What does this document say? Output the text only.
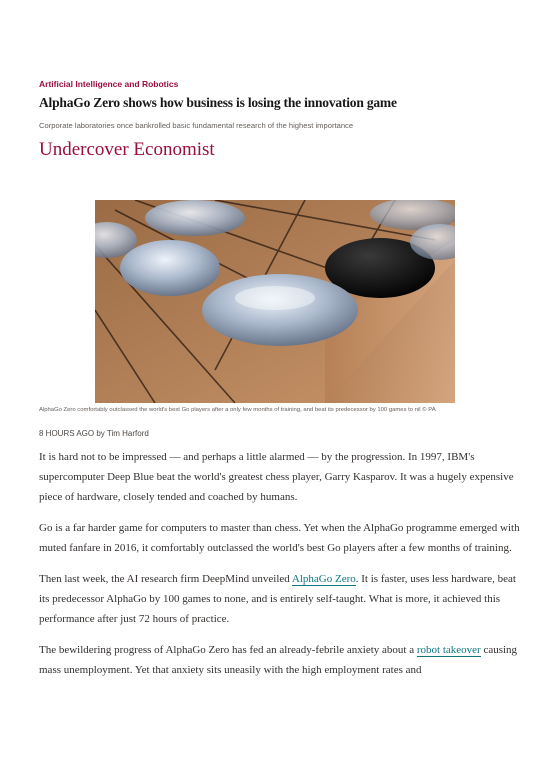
Artificial Intelligence and Robotics
AlphaGo Zero shows how business is losing the innovation game
Corporate laboratories once bankrolled basic fundamental research of the highest importance
Undercover Economist
AlphaGo Zero comfortably outclassed the world's best Go players after a only few months of training, and beat its predecessor by 100 games to nil © PA
8 HOURS AGO by Tim Harford

It is hard not to be impressed — and perhaps a little alarmed — by the progression. In 1997, IBM's supercomputer Deep Blue beat the world's greatest chess player, Garry Kasparov. It was a hugely expensive piece of hardware, closely tended and coached by humans.

Go is a far harder game for computers to master than chess. Yet when the AlphaGo programme emerged with muted fanfare in 2016, it comfortably outclassed the world's best Go players after a few months of training.

Then last week, the AI research firm DeepMind unveiled AlphaGo Zero. It is faster, uses less hardware, beat its predecessor AlphaGo by 100 games to none, and is entirely self-taught. What is more, it achieved this performance after just 72 hours of practice.

The bewildering progress of AlphaGo Zero has fed an already-febrile anxiety about a robot takeover causing mass unemployment. Yet that anxiety sits uneasily with the high employment rates and
